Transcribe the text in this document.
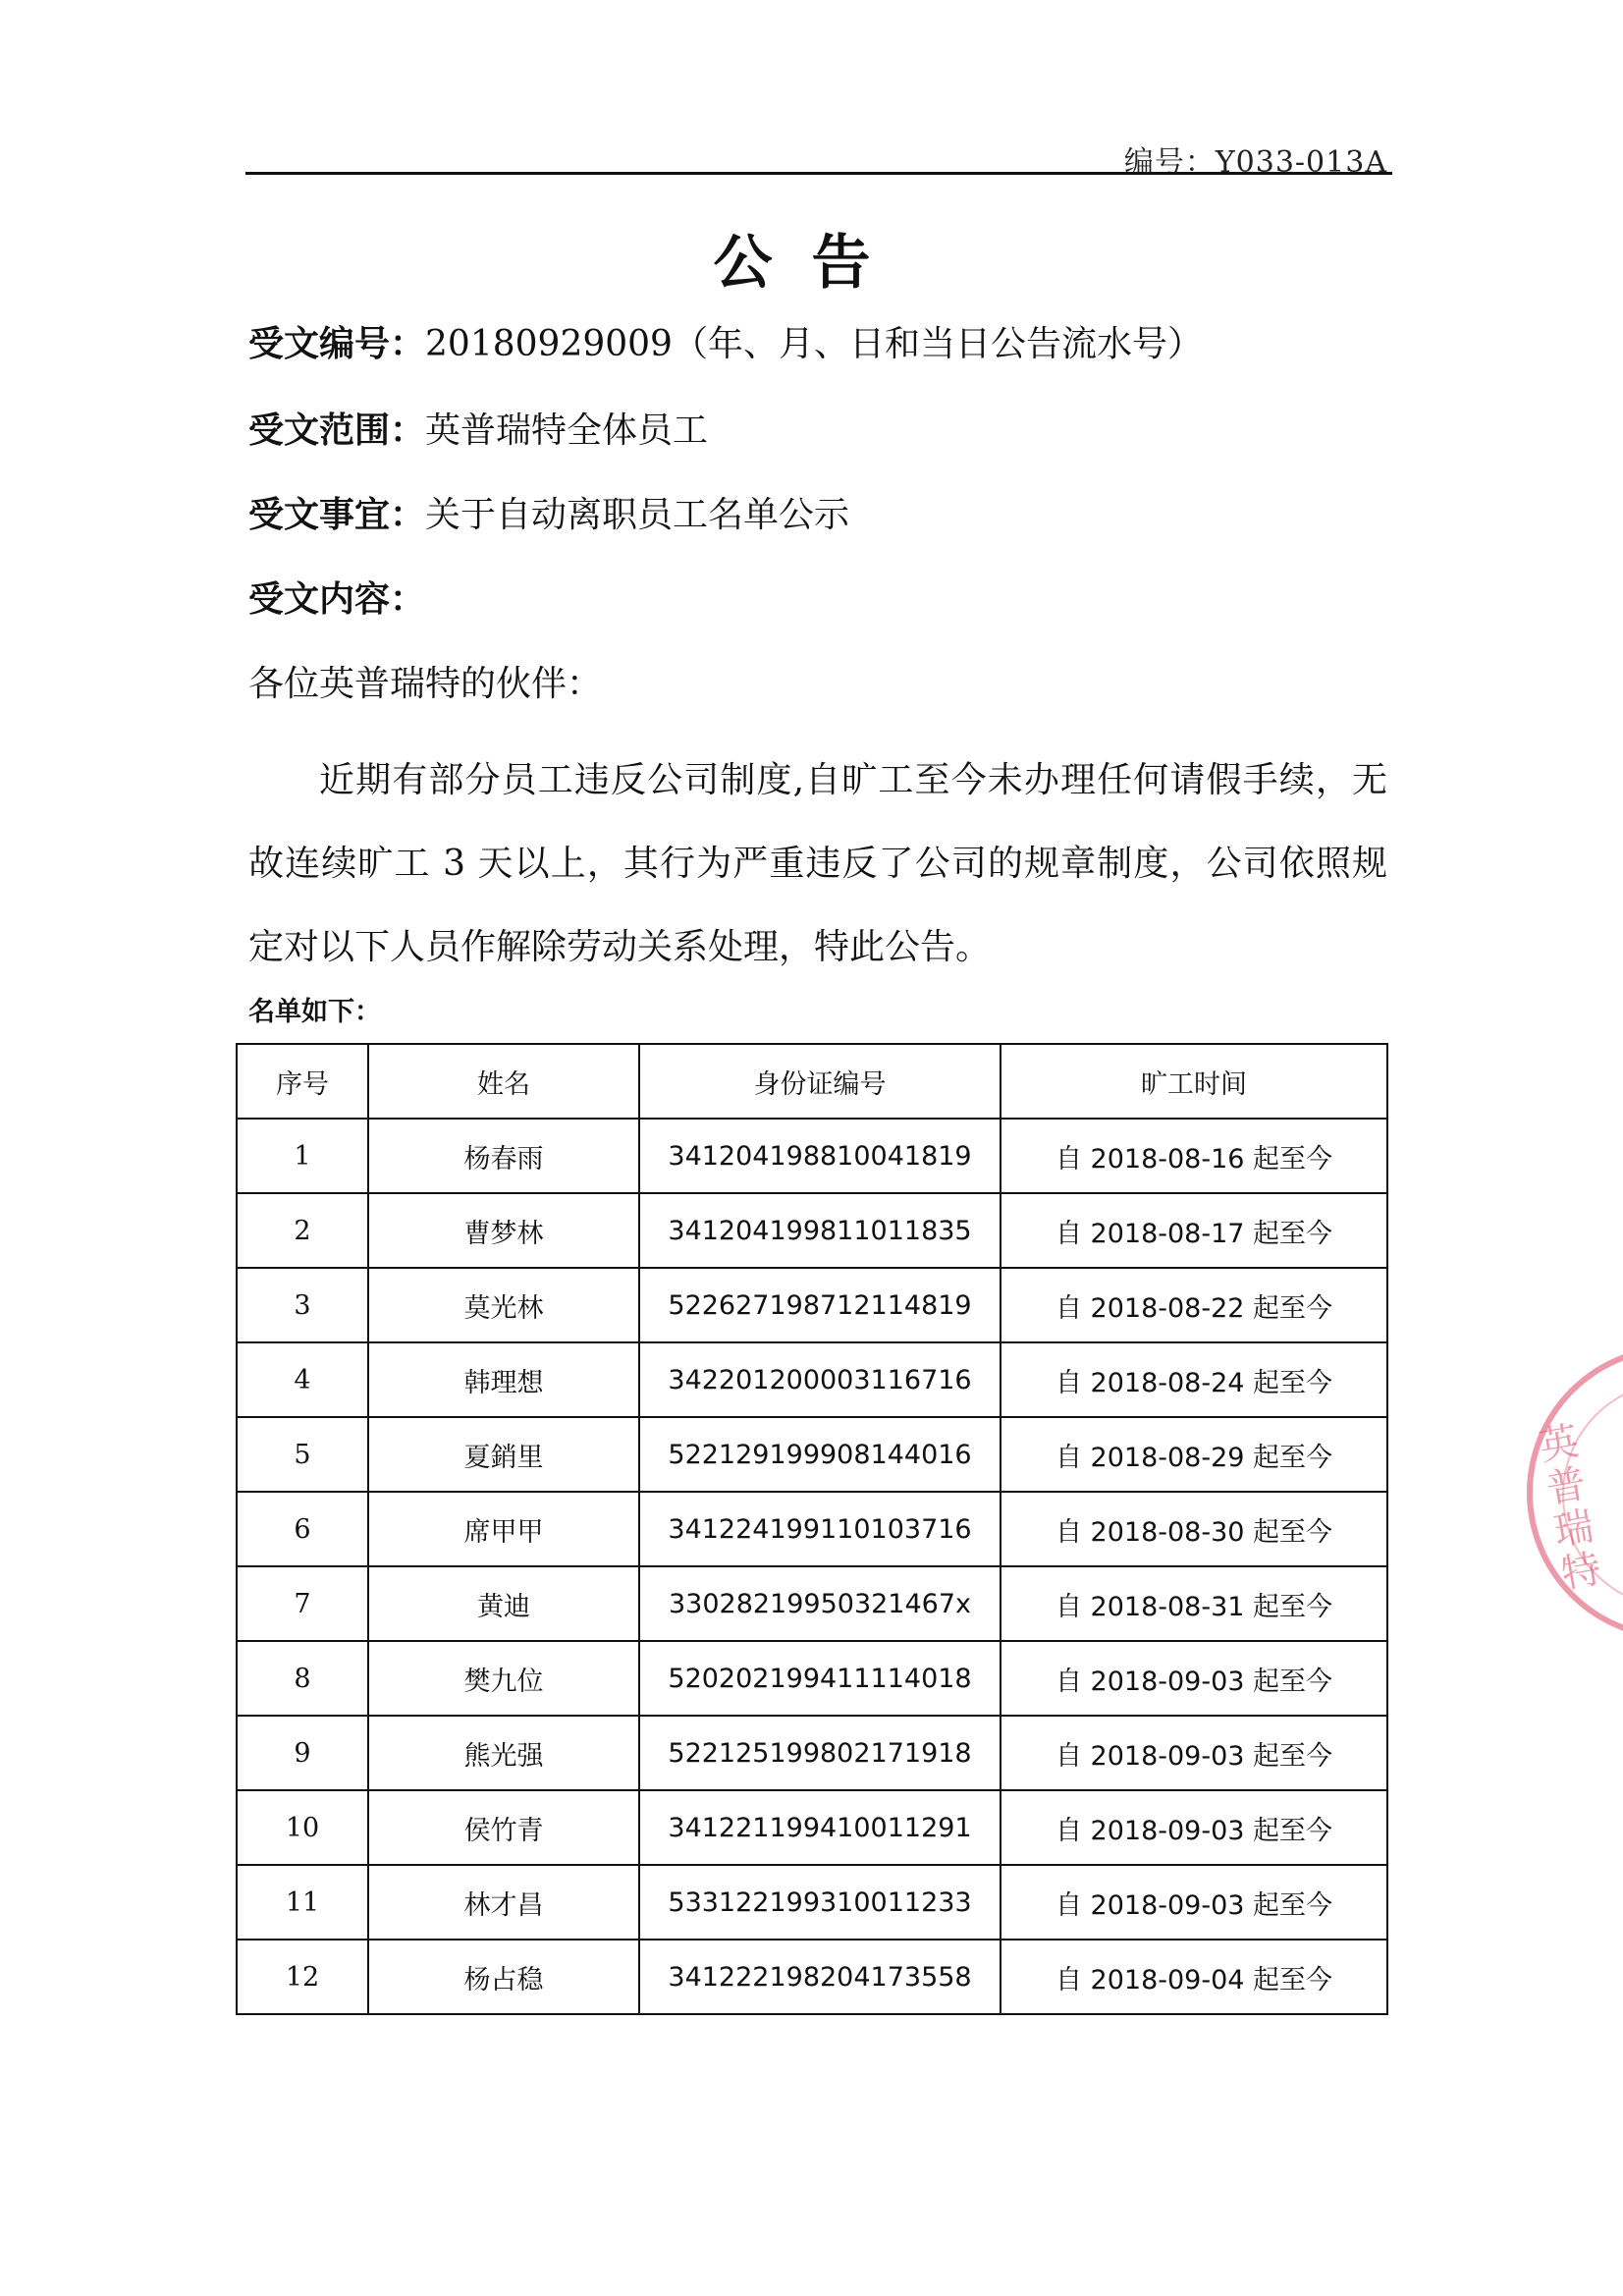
编号：Y033-013A
公告
受文编号：20180929009（年、月、日和当日公告流水号）
受文范围：英普瑞特全体员工
受文事宜：关于自动离职员工名单公示
受文内容：
各位英普瑞特的伙伴：
近期有部分员工违反公司制度,自旷工至今未办理任何请假手续，无故连续旷工 3 天以上，其行为严重违反了公司的规章制度，公司依照规定对以下人员作解除劳动关系处理，特此公告。
名单如下：
序号	姓名	身份证编号	旷工时间
1	杨春雨	341204198810041819	自 2018-08-16 起至今
2	曹梦林	341204199811011835	自 2018-08-17 起至今
3	莫光林	522627198712114819	自 2018-08-22 起至今
4	韩理想	342201200003116716	自 2018-08-24 起至今
5	夏銷里	522129199908144016	自 2018-08-29 起至今
6	席甲甲	341224199110103716	自 2018-08-30 起至今
7	黄迪	33028219950321467x	自 2018-08-31 起至今
8	樊九位	520202199411114018	自 2018-09-03 起至今
9	熊光强	522125199802171918	自 2018-09-03 起至今
10	侯竹青	341221199410011291	自 2018-09-03 起至今
11	林才昌	533122199310011233	自 2018-09-03 起至今
12	杨占稳	341222198204173558	自 2018-09-04 起至今
英普瑞特
